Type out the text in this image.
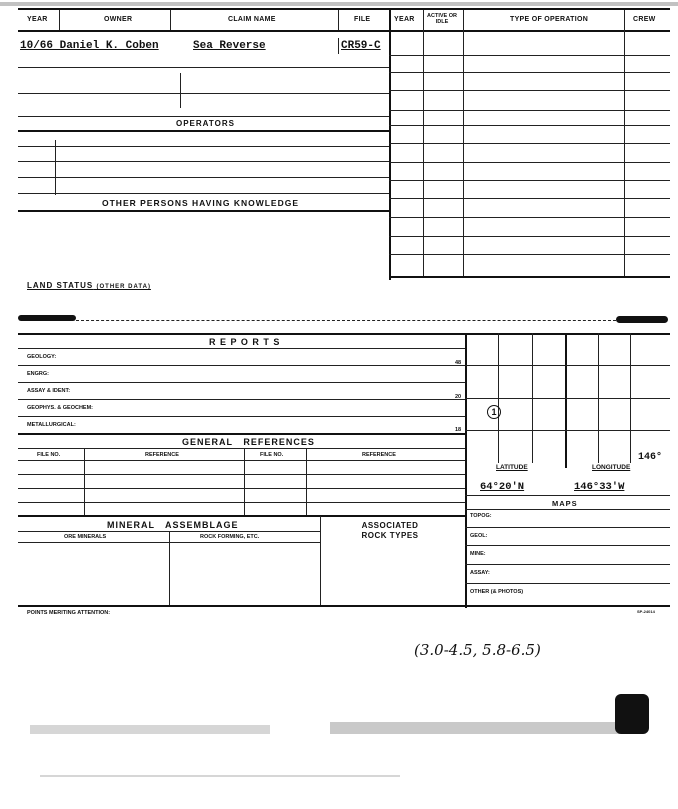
YEAR	OWNER	CLAIM NAME	FILE	YEAR	ACTIVE OR IDLE	TYPE OF OPERATION	CREW
10/66 Daniel K. Coben	Sea Reverse	CR59-C
OPERATORS
OTHER PERSONS HAVING KNOWLEDGE
LAND STATUS (OTHER DATA)
R E P O R T S
GEOLOGY:
48
ENGRG:
ASSAY & IDENT:
20
GEOPHYS. & GEOCHEM:
METALLURGICAL:
18
GENERAL   REFERENCES
FILE NO.	REFERENCE	FILE NO.	REFERENCE
MINERAL   ASSEMBLAGE
ORE MINERALS	ROCK FORMING, ETC.
ASSOCIATED ROCK TYPES
POINTS MERITING ATTENTION:	SP-24014
1
146°
LATITUDE	LONGITUDE
64°20'N	146°33'W
MAPS
TOPOG:
GEOL:
MINE:
ASSAY:
OTHER (& PHOTOS)
(3.0-4.5, 5.8-6.5)
